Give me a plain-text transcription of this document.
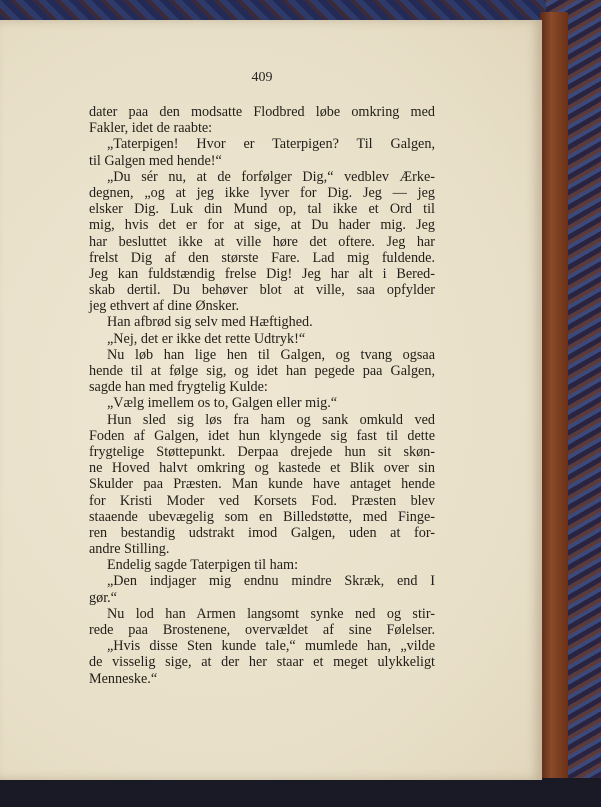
409
dater paa den modsatte Flodbred løbe omkring med
Fakler, idet de raabte:
„Taterpigen! Hvor er Taterpigen? Til Galgen,
til Galgen med hende!“
„Du sér nu, at de forfølger Dig,“ vedblev Ærke-
degnen, „og at jeg ikke lyver for Dig. Jeg — jeg
elsker Dig. Luk din Mund op, tal ikke et Ord til
mig, hvis det er for at sige, at Du hader mig. Jeg
har besluttet ikke at ville høre det oftere. Jeg har
frelst Dig af den største Fare. Lad mig fuldende.
Jeg kan fuldstændig frelse Dig! Jeg har alt i Bered-
skab dertil. Du behøver blot at ville, saa opfylder
jeg ethvert af dine Ønsker.
Han afbrød sig selv med Hæftighed.
„Nej, det er ikke det rette Udtryk!“
Nu løb han lige hen til Galgen, og tvang ogsaa
hende til at følge sig, og idet han pegede paa Galgen,
sagde han med frygtelig Kulde:
„Vælg imellem os to, Galgen eller mig.“
Hun sled sig løs fra ham og sank omkuld ved
Foden af Galgen, idet hun klyngede sig fast til dette
frygtelige Støttepunkt. Derpaa drejede hun sit skøn-
ne Hoved halvt omkring og kastede et Blik over sin
Skulder paa Præsten. Man kunde have antaget hende
for Kristi Moder ved Korsets Fod. Præsten blev
staaende ubevægelig som en Billedstøtte, med Finge-
ren bestandig udstrakt imod Galgen, uden at for-
andre Stilling.
Endelig sagde Taterpigen til ham:
„Den indjager mig endnu mindre Skræk, end I
gør.“
Nu lod han Armen langsomt synke ned og stir-
rede paa Brostenene, overvældet af sine Følelser.
„Hvis disse Sten kunde tale,“ mumlede han, „vilde
de visselig sige, at der her staar et meget ulykkeligt
Menneske.“
